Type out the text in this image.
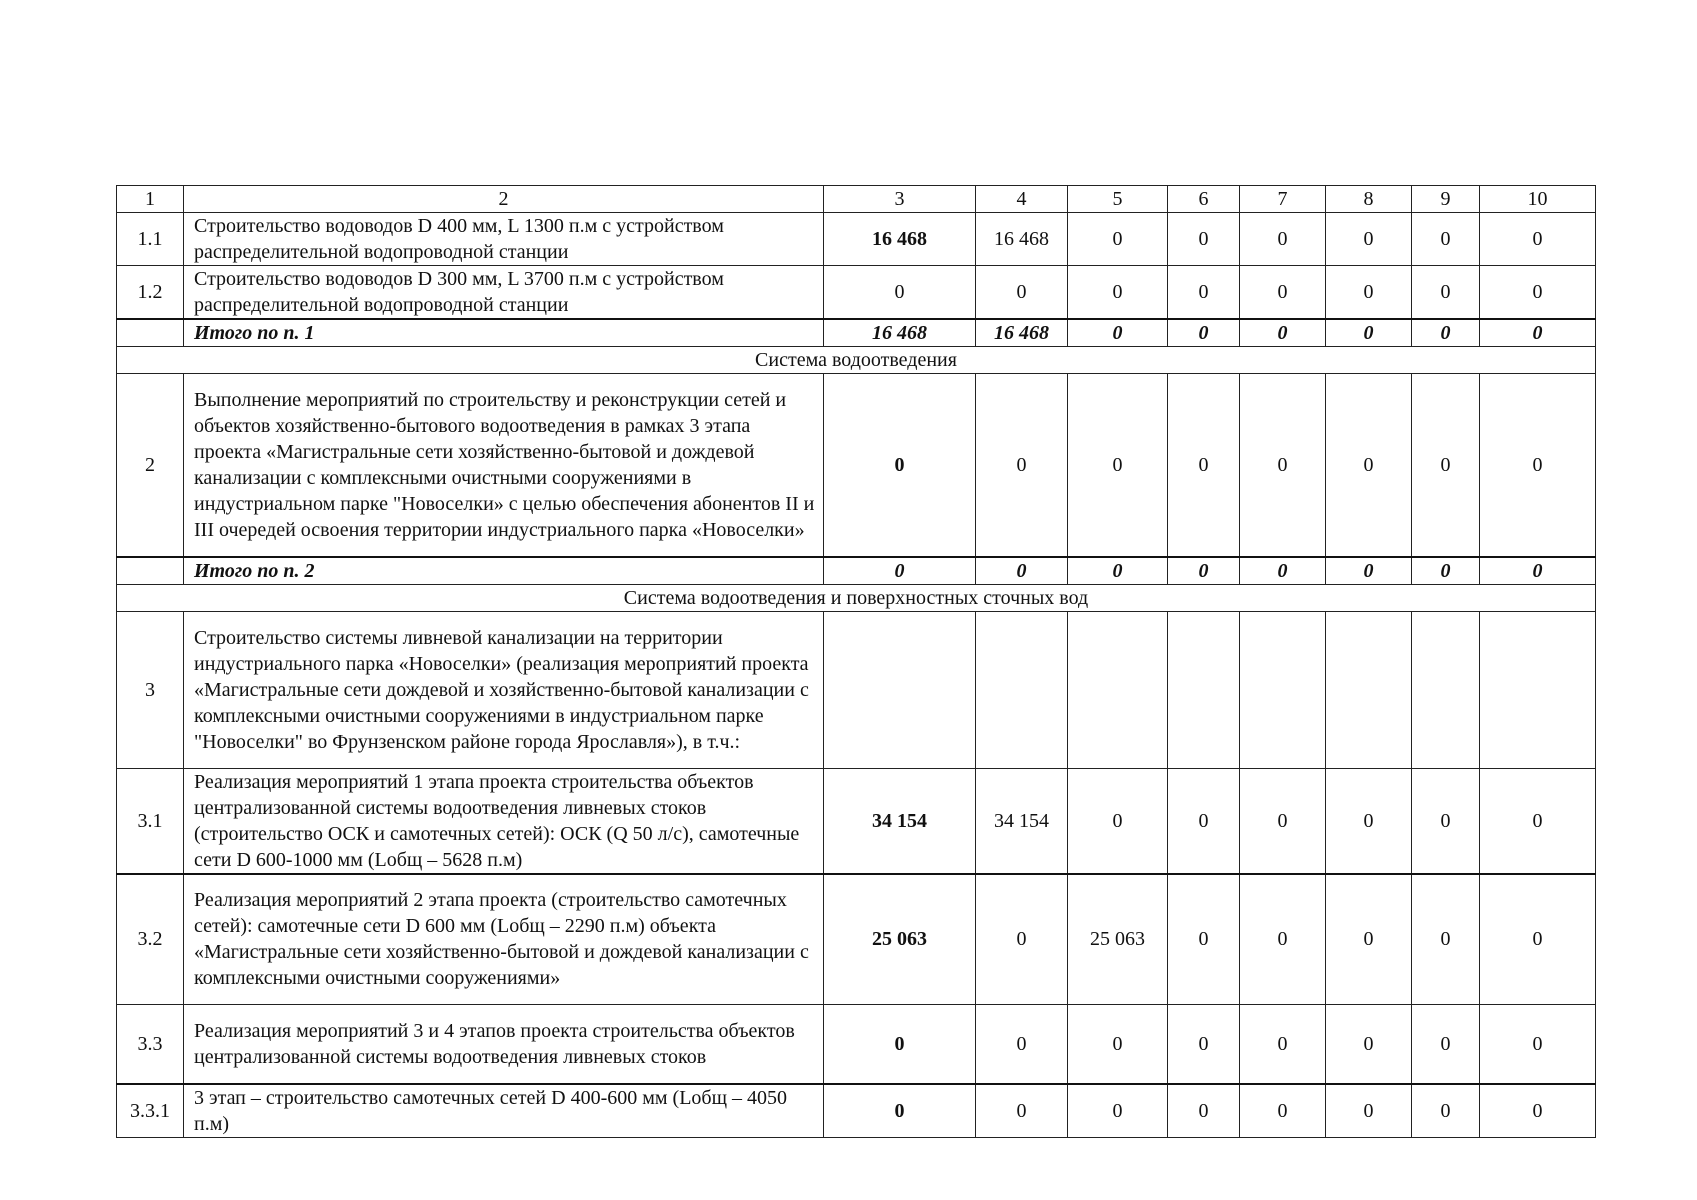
1	2	3	4	5	6	7	8	9	10
1.1	Строительство водоводов D 400 мм, L 1300 п.м с устройством распределительной водопроводной станции	16 468	16 468	0	0	0	0	0	0
1.2	Строительство водоводов D 300 мм, L 3700 п.м с устройством распределительной водопроводной станции	0	0	0	0	0	0	0	0
	Итого по п. 1	16 468	16 468	0	0	0	0	0	0
Система водоотведения									
2	Выполнение мероприятий по строительству и реконструкции сетей и объектов хозяйственно-бытового водоотведения в рамках 3 этапа проекта «Магистральные сети хозяйственно-бытовой и дождевой канализации с комплексными очистными сооружениями в индустриальном парке "Новоселки» с целью обеспечения абонентов II и III очередей освоения территории индустриального парка «Новоселки»	0	0	0	0	0	0	0	0
	Итого по п. 2	0	0	0	0	0	0	0	0
Система водоотведения и поверхностных сточных вод									
3	Строительство системы ливневой канализации на территории индустриального парка «Новоселки» (реализация мероприятий проекта «Магистральные сети дождевой и хозяйственно-бытовой канализации с комплексными очистными сооружениями в индустриальном парке "Новоселки" во Фрунзенском районе города Ярославля»), в т.ч.:								
3.1	Реализация мероприятий 1 этапа проекта строительства объектов централизованной системы водоотведения ливневых стоков (строительство ОСК и самотечных сетей): ОСК (Q 50 л/с), самотечные сети D 600-1000 мм (Lобщ – 5628 п.м)	34 154	34 154	0	0	0	0	0	0
3.2	Реализация мероприятий 2 этапа проекта (строительство самотечных сетей): самотечные сети D 600 мм (Lобщ – 2290 п.м) объекта «Магистральные сети хозяйственно-бытовой и дождевой канализации с комплексными очистными сооружениями»	25 063	0	25 063	0	0	0	0	0
3.3	Реализация мероприятий 3 и 4 этапов проекта строительства объектов централизованной системы водоотведения ливневых стоков	0	0	0	0	0	0	0	0
3.3.1	3 этап – строительство самотечных сетей D 400-600 мм (Lобщ – 4050 п.м)	0	0	0	0	0	0	0	0
